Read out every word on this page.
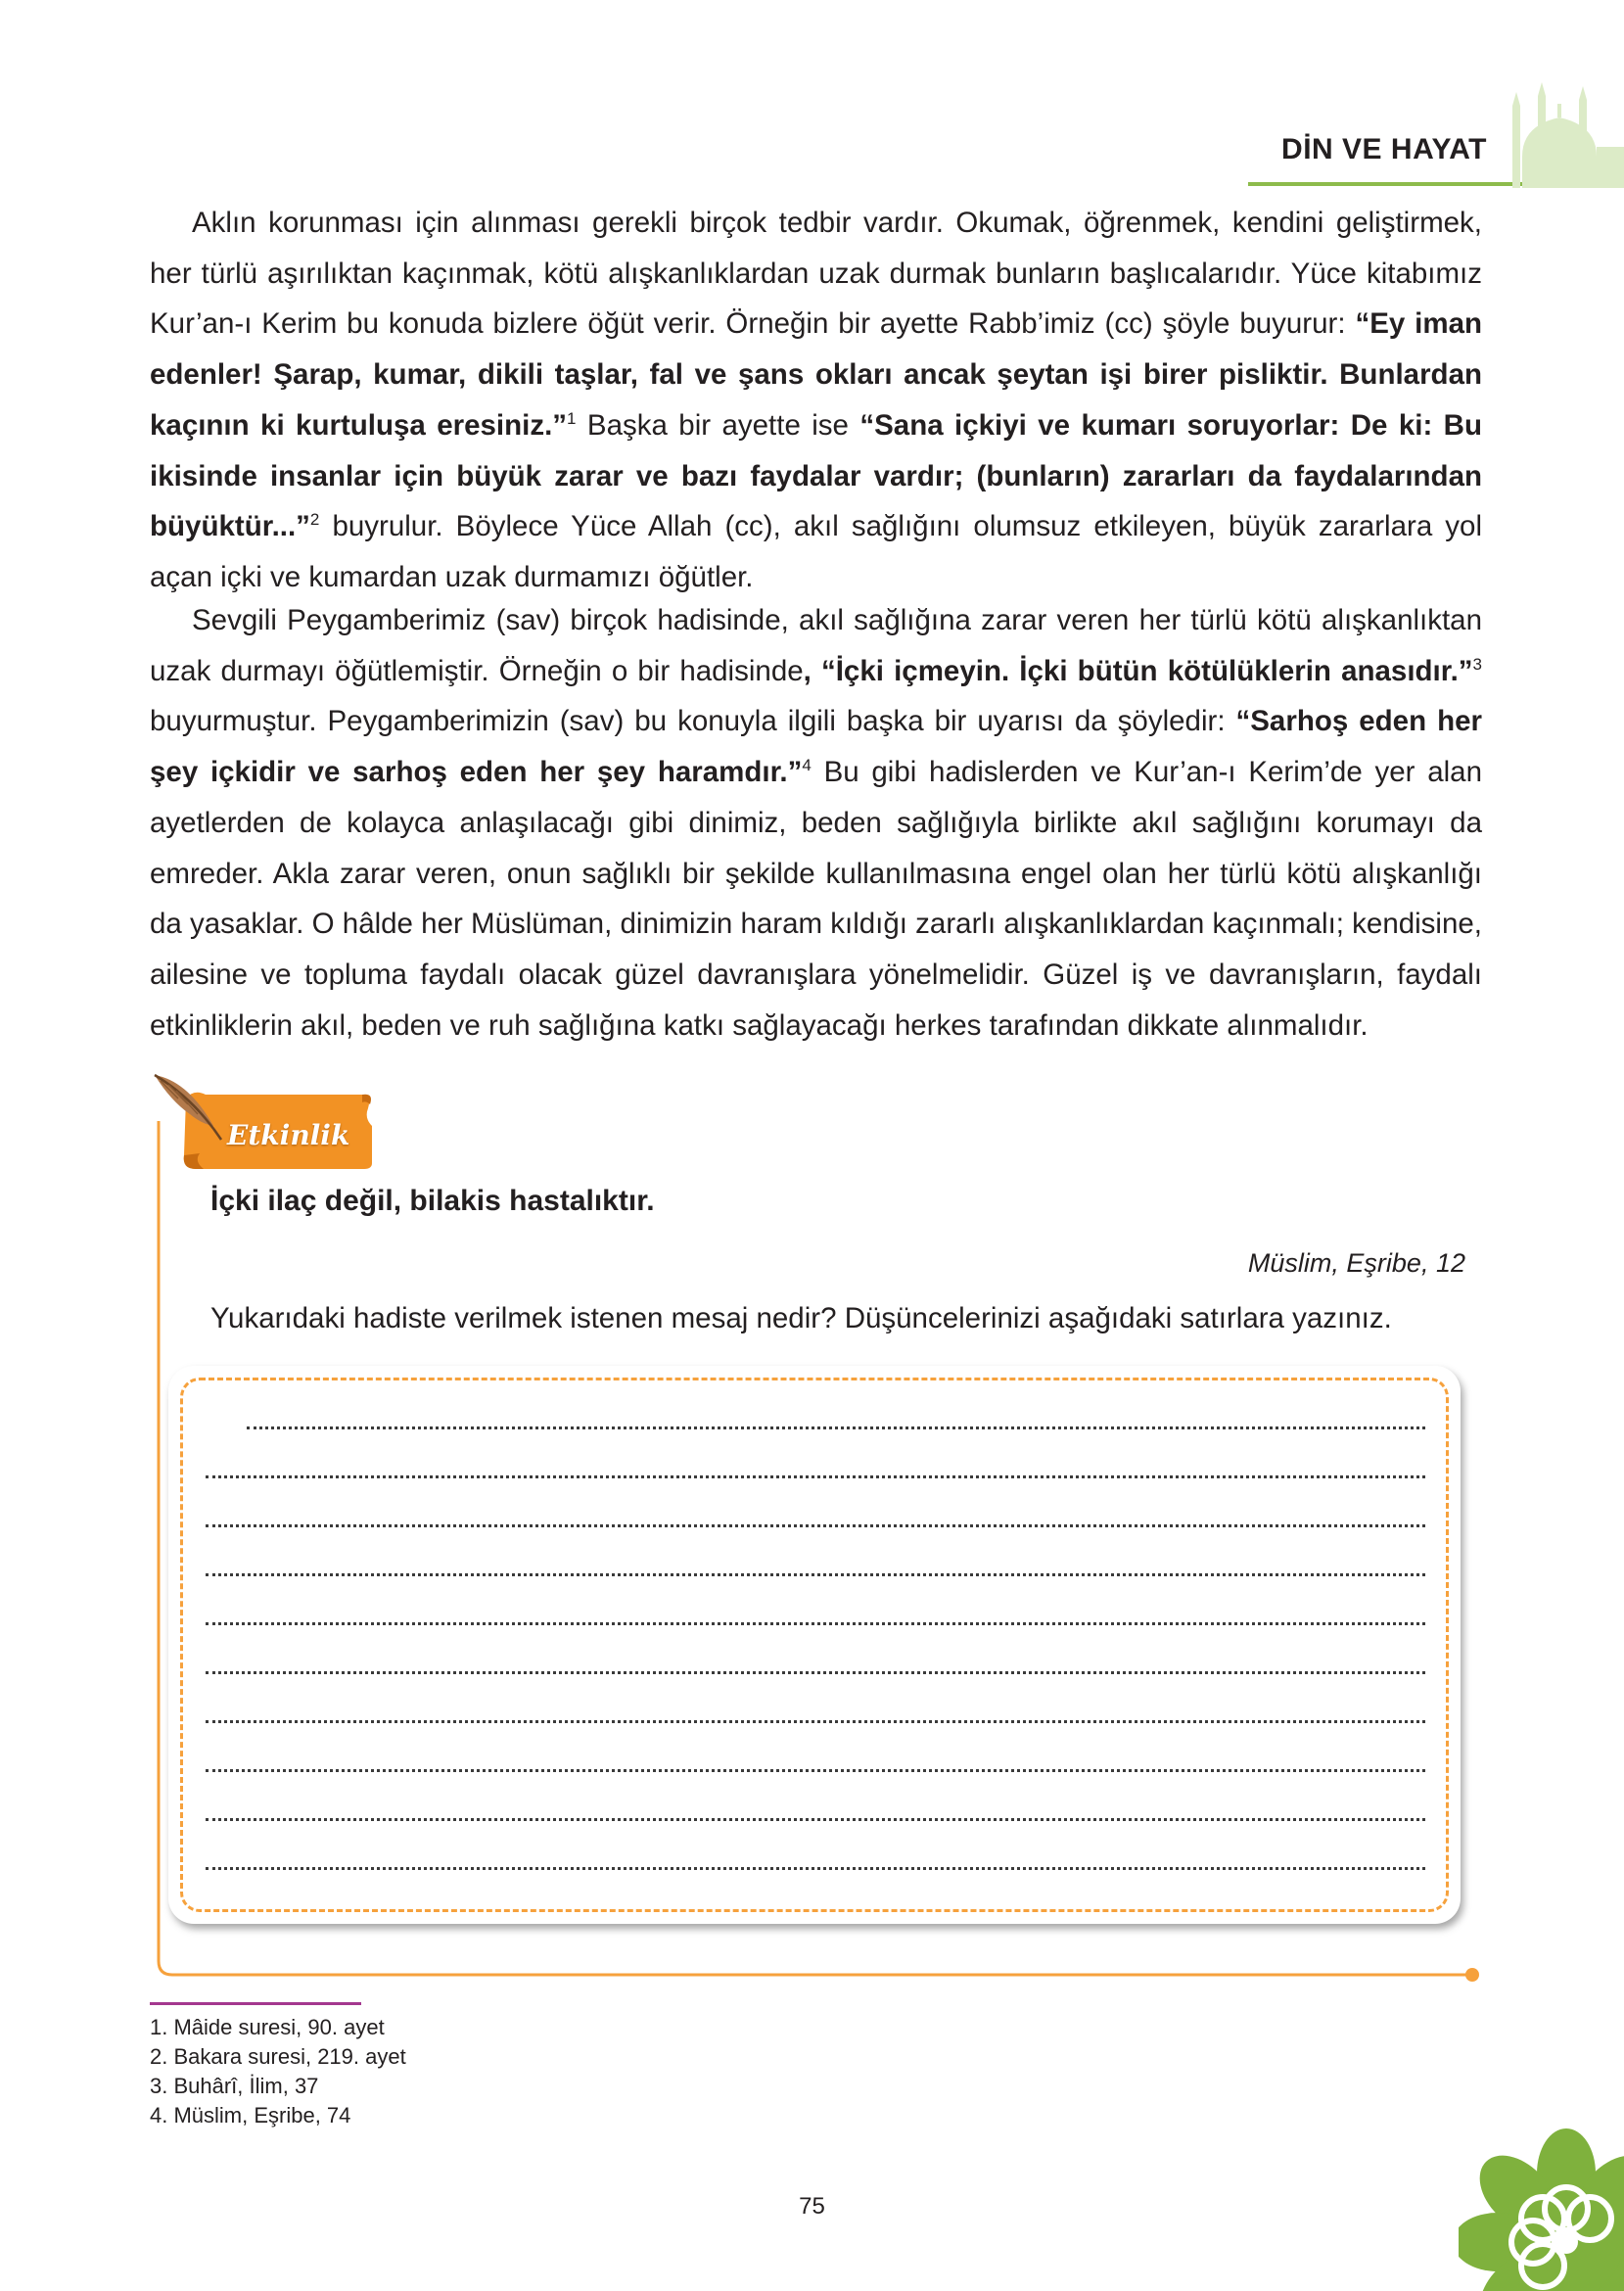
DİN VE HAYAT

Aklın korunması için alınması gerekli birçok tedbir vardır. Okumak, öğrenmek, kendini geliştirmek, her türlü aşırılıktan kaçınmak, kötü alışkanlıklardan uzak durmak bunların başlıcalarıdır. Yüce kitabımız Kur’an-ı Kerim bu konuda bizlere öğüt verir. Örneğin bir ayette Rabb’imiz (cc) şöyle buyurur: “Ey iman edenler! Şarap, kumar, dikili taşlar, fal ve şans okları ancak şeytan işi birer pisliktir. Bunlardan kaçının ki kurtuluşa eresiniz.”$^1$ Başka bir ayette ise “Sana içkiyi ve kumarı soruyorlar: De ki: Bu ikisinde insanlar için büyük zarar ve bazı faydalar vardır; (bunların) zararları da faydalarından büyüktür...”$^2$ buyrulur. Böylece Yüce Allah (cc), akıl sağlığını olumsuz etkileyen, büyük zararlara yol açan içki ve kumardan uzak durmamızı öğütler.

Sevgili Peygamberimiz (sav) birçok hadisinde, akıl sağlığına zarar veren her türlü kötü alışkanlıktan uzak durmayı öğütlemiştir. Örneğin o bir hadisinde, “İçki içmeyin. İçki bütün kötülüklerin anasıdır.”$^3$ buyurmuştur. Peygamberimizin (sav) bu konuyla ilgili başka bir uyarısı da şöyledir: “Sarhoş eden her şey içkidir ve sarhoş eden her şey haramdır.”$^4$ Bu gibi hadislerden ve Kur’an-ı Kerim’de yer alan ayetlerden de kolayca anlaşılacağı gibi dinimiz, beden sağlığıyla birlikte akıl sağlığını korumayı da emreder. Akla zarar veren, onun sağlıklı bir şekilde kullanılmasına engel olan her türlü kötü alışkanlığı da yasaklar. O hâlde her Müslüman, dinimizin haram kıldığı zararlı alışkanlıklardan kaçınmalı; kendisine, ailesine ve topluma faydalı olacak güzel davranışlara yönelmelidir. Güzel iş ve davranışların, faydalı etkinliklerin akıl, beden ve ruh sağlığına katkı sağlayacağı herkes tarafından dikkate alınmalıdır.

Etkinlik
İçki ilaç değil, bilakis hastalıktır.
Müslim, Eşribe, 12
Yukarıdaki hadiste verilmek istenen mesaj nedir? Düşüncelerinizi aşağıdaki satırlara yazınız.
1. Mâide suresi, 90. ayet
2. Bakara suresi, 219. ayet
3. Buhârî, İlim, 37
4. Müslim, Eşribe, 74
75
